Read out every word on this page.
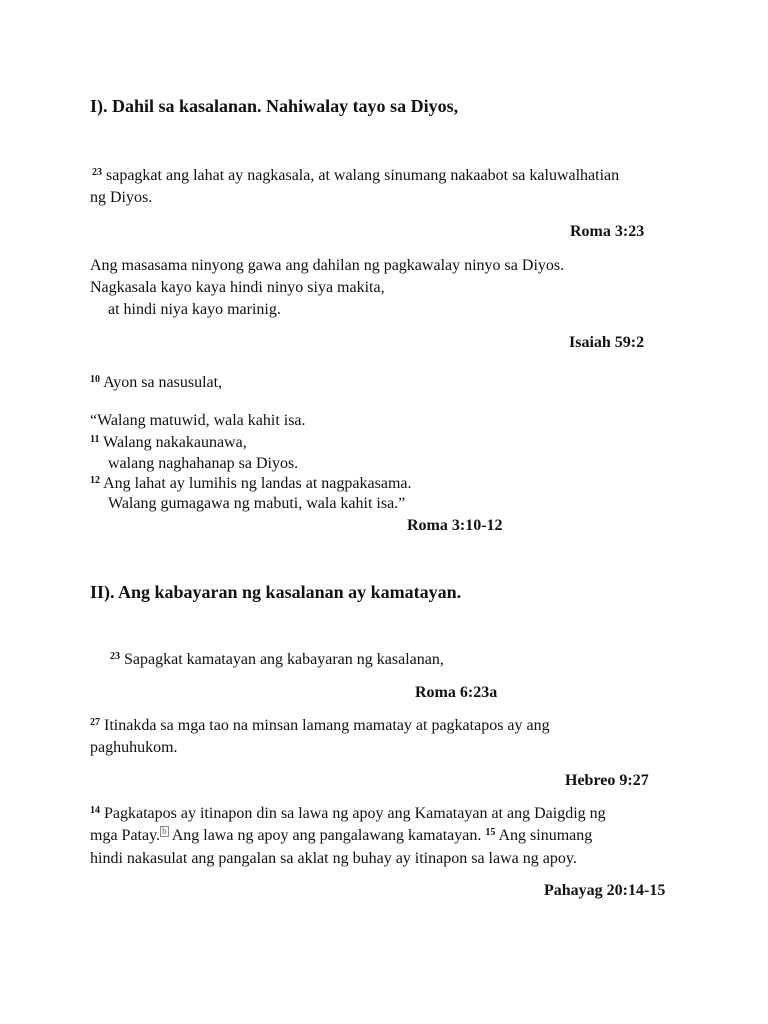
I). Dahil sa kasalanan. Nahiwalay tayo sa Diyos,
$^{23}$ sapagkat ang lahat ay nagkasala, at walang sinumang nakaabot sa kaluwalhatian
ng Diyos.
Roma 3:23
Ang masasama ninyong gawa ang dahilan ng pagkawalay ninyo sa Diyos.
Nagkasala kayo kaya hindi ninyo siya makita,
at hindi niya kayo marinig.
Isaiah 59:2
$^{10}$ Ayon sa nasusulat,
“Walang matuwid, wala kahit isa.
$^{11}$ Walang nakakaunawa,
walang naghahanap sa Diyos.
$^{12}$ Ang lahat ay lumihis ng landas at nagpakasama.
Walang gumagawa ng mabuti, wala kahit isa.”
Roma 3:10-12
II). Ang kabayaran ng kasalanan ay kamatayan.
$^{23}$ Sapagkat kamatayan ang kabayaran ng kasalanan,
Roma 6:23a
$^{27}$ Itinakda sa mga tao na minsan lamang mamatay at pagkatapos ay ang
paghuhukom.
Hebreo 9:27
$^{14}$ Pagkatapos ay itinapon din sa lawa ng apoy ang Kamatayan at ang Daigdig ng
mga Patay. b Ang lawa ng apoy ang pangalawang kamatayan. $^{15}$ Ang sinumang
hindi nakasulat ang pangalan sa aklat ng buhay ay itinapon sa lawa ng apoy.
Pahayag 20:14-15
